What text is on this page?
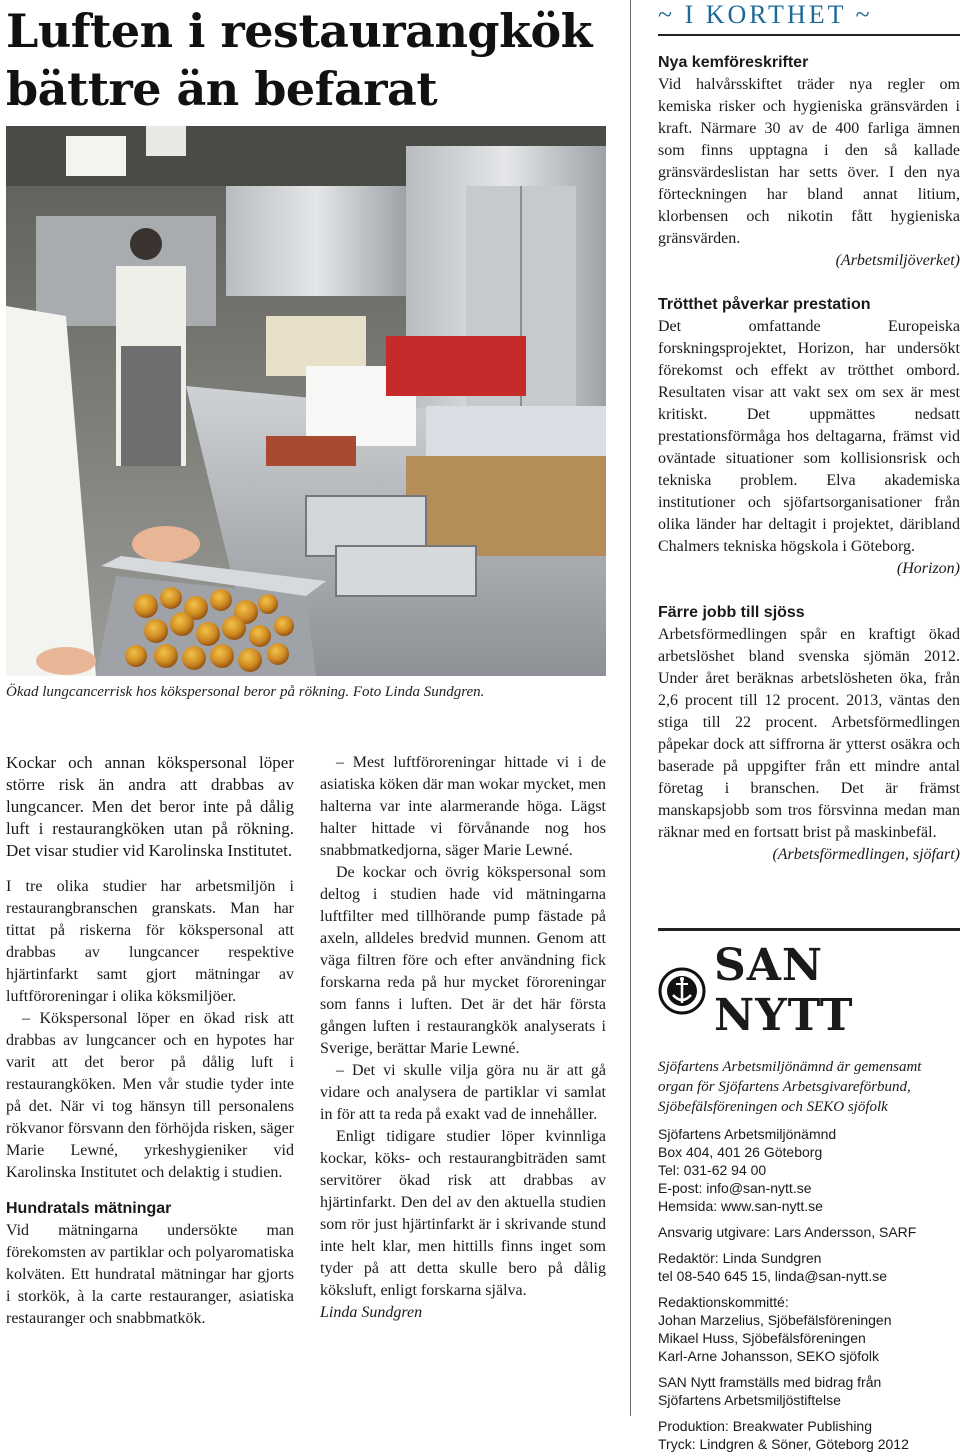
Luften i restaurangkök
bättre än befarat
Ökad lungcancerrisk hos kökspersonal beror på rökning. Foto Linda Sundgren.

Kockar och annan kökspersonal löper större risk än andra att drabbas av lungcancer. Men det beror inte på dålig luft i restaurangköken utan på rökning. Det visar studier vid Karolinska Institutet.

I tre olika studier har arbetsmiljön i restaurangbranschen granskats. Man har tittat på riskerna för kökspersonal att drabbas av lungcancer respektive hjärtinfarkt samt gjort mätningar av luftföroreningar i olika köksmiljöer.

– Kökspersonal löper en ökad risk att drabbas av lungcancer och en hypotes har varit att det beror på dålig luft i restaurangköken. Men vår studie tyder inte på det. När vi tog hänsyn till personalens rökvanor försvann den förhöjda risken, säger Marie Lewné, yrkeshygieniker vid Karolinska Institutet och delaktig i studien.

Hundratals mätningar

Vid mätningarna undersökte man förekomsten av partiklar och polyaromatiska kolväten. Ett hundratal mätningar har gjorts i storkök, à la carte restauranger, asiatiska restauranger och snabbmatkök.

– Mest luftföroreningar hittade vi i de asiatiska köken där man wokar mycket, men halterna var inte alarmerande höga. Lägst halter hittade vi förvånande nog hos snabbmatkedjorna, säger Marie Lewné.

De kockar och övrig kökspersonal som deltog i studien hade vid mätningarna luftfilter med tillhörande pump fästade på axeln, alldeles bredvid munnen. Genom att väga filtren före och efter användning fick forskarna reda på hur mycket föroreningar som fanns i luften. Det är det här första gången luften i restaurangkök analyserats i Sverige, berättar Marie Lewné.

– Det vi skulle vilja göra nu är att gå vidare och analysera de partiklar vi samlat in för att ta reda på exakt vad de innehåller.

Enligt tidigare studier löper kvinnliga kockar, köks- och restaurangbiträden samt servitörer ökad risk att drabbas av hjärtinfarkt. Den del av den aktuella studien som rör just hjärtinfarkt är i skrivande stund inte helt klar, men hittills finns inget som tyder på att detta skulle bero på dålig köksluft, enligt forskarna själva.

Linda Sundgren

~ I KORTHET ~
Nya kemföreskrifter

Vid halvårsskiftet träder nya regler om kemiska risker och hygieniska gränsvärden i kraft. Närmare 30 av de 400 farliga ämnen som finns upptagna i den så kallade gränsvärdeslistan har setts över. I den nya förteckningen har bland annat litium, klorbensen och nikotin fått hygieniska gränsvärden.

(Arbetsmiljöverket)

Trötthet påverkar prestation

Det omfattande Europeiska forskningsprojektet, Horizon, har undersökt förekomst och effekt av trötthet ombord. Resultaten visar att vakt sex om sex är mest kritiskt. Det uppmättes nedsatt prestationsförmåga hos deltagarna, främst vid oväntade situationer som kollisionsrisk och tekniska problem. Elva akademiska institutioner och sjöfartsorganisationer från olika länder har deltagit i projektet, däribland Chalmers tekniska högskola i Göteborg.

(Horizon)

Färre jobb till sjöss

Arbetsförmedlingen spår en kraftigt ökad arbetslöshet bland svenska sjömän 2012. Under året beräknas arbetslösheten öka, från 2,6 procent till 12 procent. 2013, väntas den stiga till 22 procent. Arbetsförmedlingen påpekar dock att siffrorna är ytterst osäkra och baserade på uppgifter från ett mindre antal företag i branschen. Det är främst manskapsjobb som tros försvinna medan man räknar med en fortsatt brist på maskinbefäl.

(Arbetsförmedlingen, sjöfart)

SAN NYTT
Sjöfartens Arbetsmiljönämnd är gemensamt organ för Sjöfartens Arbetsgivareförbund, Sjöbefälsföreningen och SEKO sjöfolk
Sjöfartens Arbetsmiljönämnd
Box 404, 401 26 Göteborg
Tel: 031-62 94 00
E-post: info@san-nytt.se
Hemsida: www.san-nytt.se
Ansvarig utgivare: Lars Andersson, SARF
Redaktör: Linda Sundgren
tel 08-540 645 15, linda@san-nytt.se
Redaktionskommitté:
Johan Marzelius, Sjöbefälsföreningen
Mikael Huss, Sjöbefälsföreningen
Karl-Arne Johansson, SEKO sjöfolk
SAN Nytt framställs med bidrag från
Sjöfartens Arbetsmiljöstiftelse
Produktion: Breakwater Publishing
Tryck: Lindgren & Söner, Göteborg 2012
